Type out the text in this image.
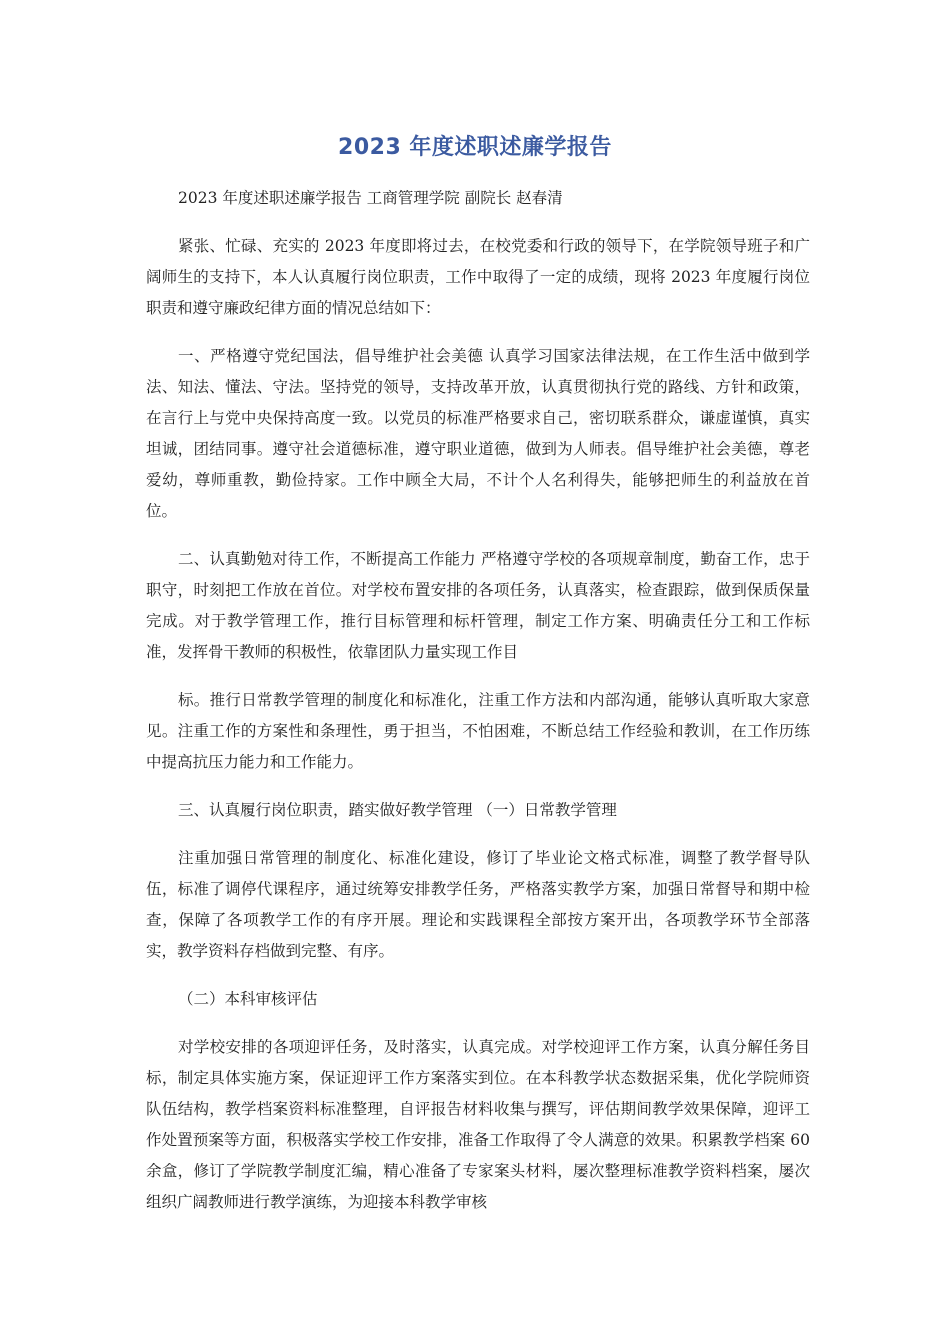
2023 年度述职述廉学报告

2023 年度述职述廉学报告 工商管理学院 副院长 赵春清

紧张、忙碌、充实的 2023 年度即将过去，在校党委和行政的领导下，在学院领导班子和广阔师生的支持下，本人认真履行岗位职责，工作中取得了一定的成绩，现将 2023 年度履行岗位职责和遵守廉政纪律方面的情况总结如下：

一、严格遵守党纪国法，倡导维护社会美德 认真学习国家法律法规，在工作生活中做到学法、知法、懂法、守法。坚持党的领导，支持改革开放，认真贯彻执行党的路线、方针和政策，在言行上与党中央保持高度一致。以党员的标准严格要求自己，密切联系群众，谦虚谨慎，真实坦诚，团结同事。遵守社会道德标准，遵守职业道德，做到为人师表。倡导维护社会美德，尊老爱幼，尊师重教，勤俭持家。工作中顾全大局，不计个人名利得失，能够把师生的利益放在首位。

二、认真勤勉对待工作，不断提高工作能力 严格遵守学校的各项规章制度，勤奋工作，忠于职守，时刻把工作放在首位。对学校布置安排的各项任务，认真落实，检查跟踪，做到保质保量完成。对于教学管理工作，推行目标管理和标杆管理，制定工作方案、明确责任分工和工作标准，发挥骨干教师的积极性，依靠团队力量实现工作目

标。推行日常教学管理的制度化和标准化，注重工作方法和内部沟通，能够认真听取大家意见。注重工作的方案性和条理性，勇于担当，不怕困难，不断总结工作经验和教训，在工作历练中提高抗压力能力和工作能力。

三、认真履行岗位职责，踏实做好教学管理 （一）日常教学管理

注重加强日常管理的制度化、标准化建设，修订了毕业论文格式标准，调整了教学督导队伍，标准了调停代课程序，通过统筹安排教学任务，严格落实教学方案，加强日常督导和期中检查，保障了各项教学工作的有序开展。理论和实践课程全部按方案开出，各项教学环节全部落实，教学资料存档做到完整、有序。

（二）本科审核评估

对学校安排的各项迎评任务，及时落实，认真完成。对学校迎评工作方案，认真分解任务目标，制定具体实施方案，保证迎评工作方案落实到位。在本科教学状态数据采集，优化学院师资队伍结构，教学档案资料标准整理，自评报告材料收集与撰写，评估期间教学效果保障，迎评工作处置预案等方面，积极落实学校工作安排，准备工作取得了令人满意的效果。积累教学档案 60 余盒，修订了学院教学制度汇编，精心准备了专家案头材料，屡次整理标准教学资料档案，屡次组织广阔教师进行教学演练，为迎接本科教学审核
